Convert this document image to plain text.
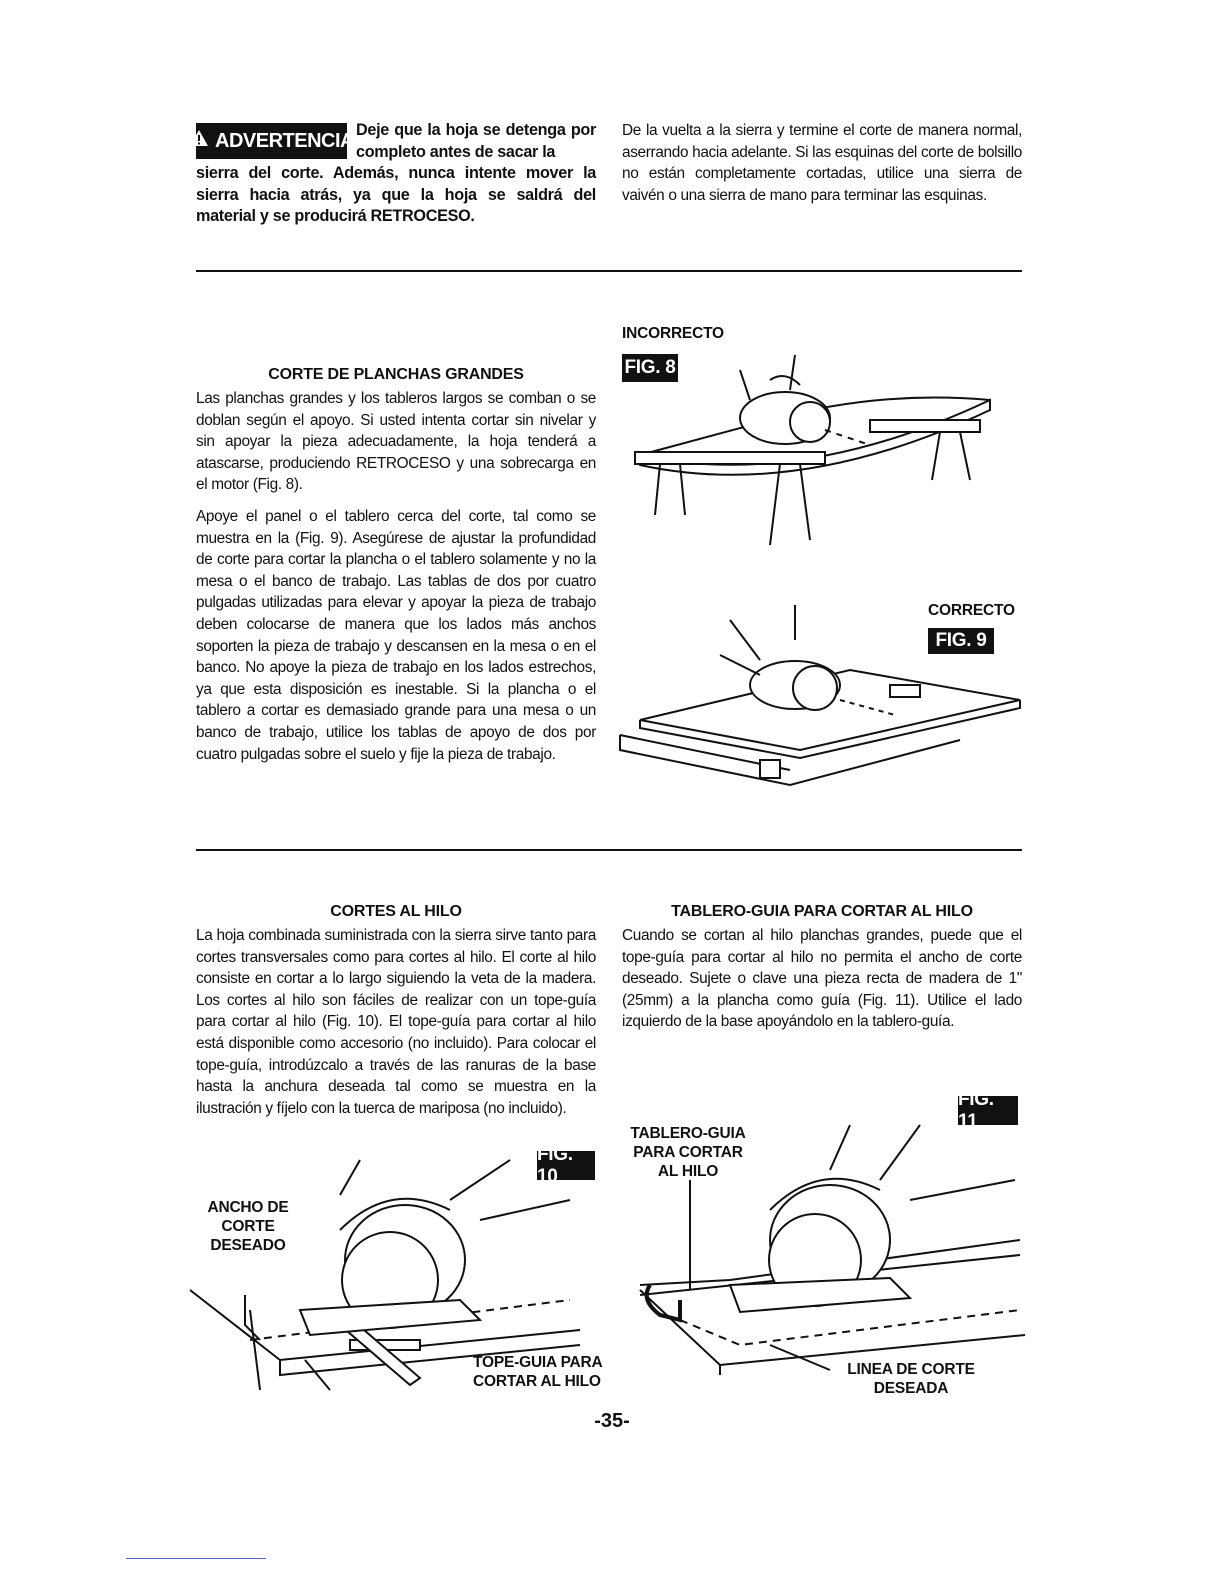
ADVERTENCIA Deje que la hoja se detenga por completo antes de sacar la
sierra del corte. Además, nunca intente mover la sierra hacia atrás, ya que la hoja se saldrá del material y se producirá RETROCESO.
De la vuelta a la sierra y termine el corte de manera normal, aserrando hacia adelante. Si las esquinas del corte de bolsillo no están completamente cortadas, utilice una sierra de vaivén o una sierra de mano para terminar las esquinas.
CORTE DE PLANCHAS GRANDES

Las planchas grandes y los tableros largos se comban o se doblan según el apoyo. Si usted intenta cortar sin nivelar y sin apoyar la pieza adecuadamente, la hoja tenderá a atascarse, produciendo RETROCESO y una sobrecarga en el motor (Fig. 8).

Apoye el panel o el tablero cerca del corte, tal como se muestra en la (Fig. 9). Asegúrese de ajustar la profundidad de corte para cortar la plancha o el tablero solamente y no la mesa o el banco de trabajo. Las tablas de dos por cuatro pulgadas utilizadas para elevar y apoyar la pieza de trabajo deben colocarse de manera que los lados más anchos soporten la pieza de trabajo y descansen en la mesa o en el banco. No apoye la pieza de trabajo en los lados estrechos, ya que esta disposición es inestable. Si la plancha o el tablero a cortar es demasiado grande para una mesa o un banco de trabajo, utilice los tablas de apoyo de dos por cuatro pulgadas sobre el suelo y fije la pieza de trabajo.

INCORRECTO
FIG. 8
CORRECTO
FIG. 9
CORTES AL HILO
La hoja combinada suministrada con la sierra sirve tanto para cortes transversales como para cortes al hilo. El corte al hilo consiste en cortar a lo largo siguiendo la veta de la madera. Los cortes al hilo son fáciles de realizar con un tope-guía para cortar al hilo (Fig. 10). El tope-guía para cortar al hilo está disponible como accesorio (no incluido). Para colocar el tope-guía, introdúzcalo a través de las ranuras de la base hasta la anchura deseada tal como se muestra en la ilustración y fíjelo con la tuerca de mariposa (no incluido).
TABLERO-GUIA PARA CORTAR AL HILO
Cuando se cortan al hilo planchas grandes, puede que el tope-guía para cortar al hilo no permita el ancho de corte deseado. Sujete o clave una pieza recta de madera de 1" (25mm) a la plancha como guía (Fig. 11). Utilice el lado izquierdo de la base apoyándolo en la tablero-guía.
FIG. 10
ANCHO DE
CORTE
DESEADO
TOPE-GUIA PARA
CORTAR AL HILO
FIG. 11
TABLERO-GUIA
PARA CORTAR
AL HILO
LINEA DE CORTE
DESEADA
-35-
